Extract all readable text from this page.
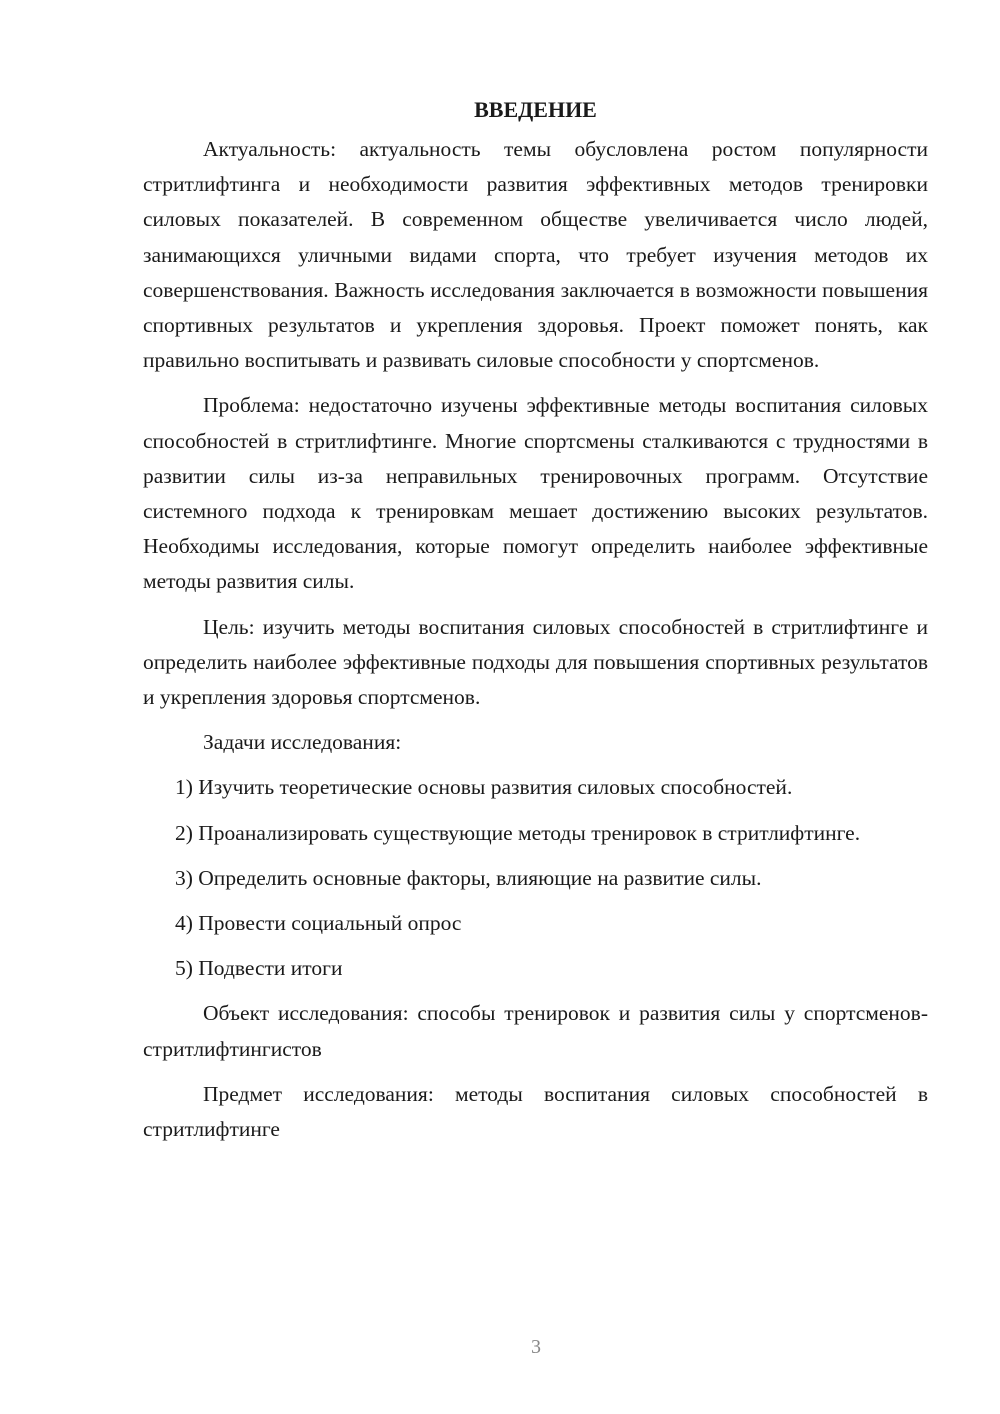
ВВЕДЕНИЕ

Актуальность: актуальность темы обусловлена ростом популярности стритлифтинга и необходимости развития эффективных методов тренировки силовых показателей. В современном обществе увеличивается число людей, занимающихся уличными видами спорта, что требует изучения методов их совершенствования. Важность исследования заключается в возможности повышения спортивных результатов и укрепления здоровья. Проект поможет понять, как правильно воспитывать и развивать силовые способности у спортсменов.

Проблема: недостаточно изучены эффективные методы воспитания силовых способностей в стритлифтинге. Многие спортсмены сталкиваются с трудностями в развитии силы из-за неправильных тренировочных программ. Отсутствие системного подхода к тренировкам мешает достижению высоких результатов. Необходимы исследования, которые помогут определить наиболее эффективные методы развития силы.

Цель: изучить методы воспитания силовых способностей в стритлифтинге и определить наиболее эффективные подходы для повышения спортивных результатов и укрепления здоровья спортсменов.

Задачи исследования:

1) Изучить теоретические основы развития силовых способностей.

2) Проанализировать существующие методы тренировок в стритлифтинге.

3) Определить основные факторы, влияющие на развитие силы.

4) Провести социальный опрос

5) Подвести итоги

Объект исследования: способы тренировок и развития силы у спортсменов-стритлифтингистов

Предмет исследования: методы воспитания силовых способностей в стритлифтинге

3
